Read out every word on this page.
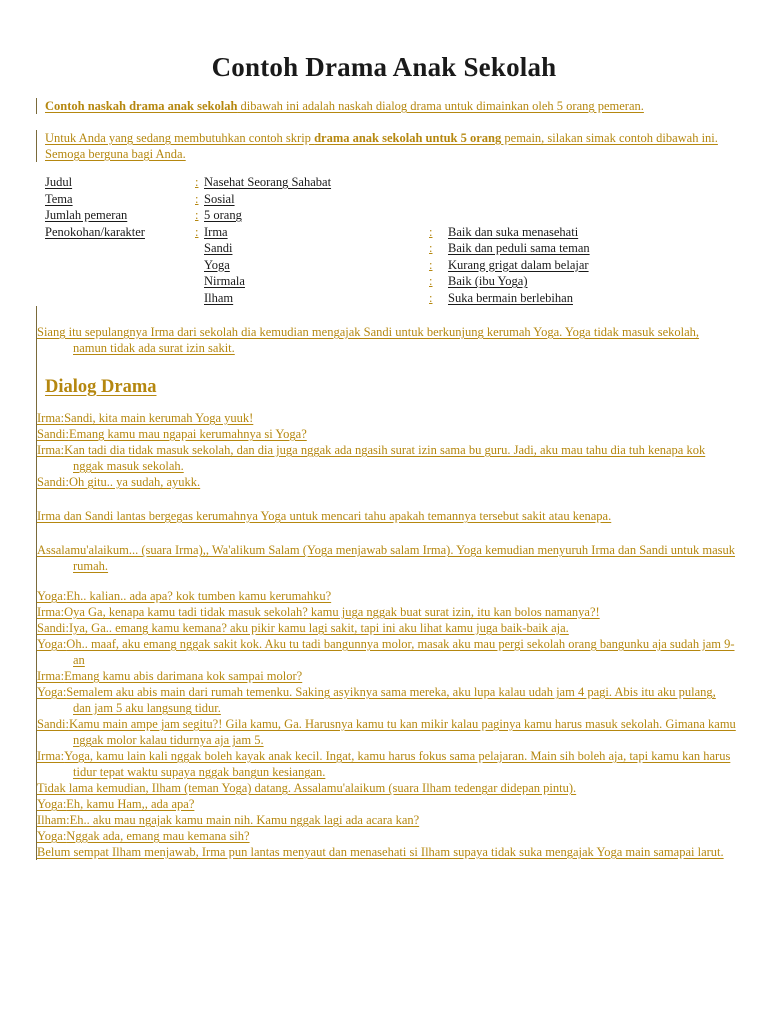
Contoh Drama Anak Sekolah
Contoh naskah drama anak sekolah dibawah ini adalah naskah dialog drama untuk dimainkan oleh 5 orang pemeran.
Untuk Anda yang sedang membutuhkan contoh skrip drama anak sekolah untuk 5 orang pemain, silakan simak contoh dibawah ini. Semoga berguna bagi Anda.
Judul	: Nasehat Seorang Sahabat
Tema	: Sosial
Jumlah pemeran	: 5 orang
Penokohan/karakter	: Irma	:	Baik dan suka menasehati
Sandi	:	Baik dan peduli sama teman
Yoga	:	Kurang grigat dalam belajar
Nirmala	:	Baik (ibu Yoga)
Ilham	:	Suka bermain berlebihan
Siang itu sepulangnya Irma dari sekolah dia kemudian mengajak Sandi untuk berkunjung kerumah Yoga. Yoga tidak masuk sekolah, namun tidak ada surat izin sakit.
Dialog Drama
Irma:Sandi, kita main kerumah Yoga yuuk!
Sandi:Emang kamu mau ngapai kerumahnya si Yoga?
Irma:Kan tadi dia tidak masuk sekolah, dan dia juga nggak ada ngasih surat izin sama bu guru. Jadi, aku mau tahu dia tuh kenapa kok nggak masuk sekolah.
Sandi:Oh gitu.. ya sudah, ayukk.
Irma dan Sandi lantas bergegas kerumahnya Yoga untuk mencari tahu apakah temannya tersebut sakit atau kenapa.
Assalamu'alaikum... (suara Irma),, Wa'alikum Salam (Yoga menjawab salam Irma). Yoga kemudian menyuruh Irma dan Sandi untuk masuk rumah.
Yoga:Eh.. kalian.. ada apa? kok tumben kamu kerumahku?
Irma:Oya Ga, kenapa kamu tadi tidak masuk sekolah? kamu juga nggak buat surat izin, itu kan bolos namanya?!
Sandi:Iya, Ga.. emang kamu kemana? aku pikir kamu lagi sakit, tapi ini aku lihat kamu juga baik-baik aja.
Yoga:Oh.. maaf, aku emang nggak sakit kok. Aku tu tadi bangunnya molor, masak aku mau pergi sekolah orang bangunku aja sudah jam 9-an
Irma:Emang kamu abis darimana kok sampai molor?
Yoga:Semalem aku abis main dari rumah temenku. Saking asyiknya sama mereka, aku lupa kalau udah jam 4 pagi. Abis itu aku pulang, dan jam 5 aku langsung tidur.
Sandi:Kamu main ampe jam segitu?! Gila kamu, Ga. Harusnya kamu tu kan mikir kalau paginya kamu harus masuk sekolah. Gimana kamu nggak molor kalau tidurnya aja jam 5.
Irma:Yoga, kamu lain kali nggak boleh kayak anak kecil. Ingat, kamu harus fokus sama pelajaran. Main sih boleh aja, tapi kamu kan harus tidur tepat waktu supaya nggak bangun kesiangan.
Tidak lama kemudian, Ilham (teman Yoga) datang. Assalamu'alaikum (suara Ilham tedengar didepan pintu).
Yoga:Eh, kamu Ham,, ada apa?
Ilham:Eh.. aku mau ngajak kamu main nih. Kamu nggak lagi ada acara kan?
Yoga:Nggak ada, emang mau kemana sih?
Belum sempat Ilham menjawab, Irma pun lantas menyaut dan menasehati si Ilham supaya tidak suka mengajak Yoga main samapai larut.
